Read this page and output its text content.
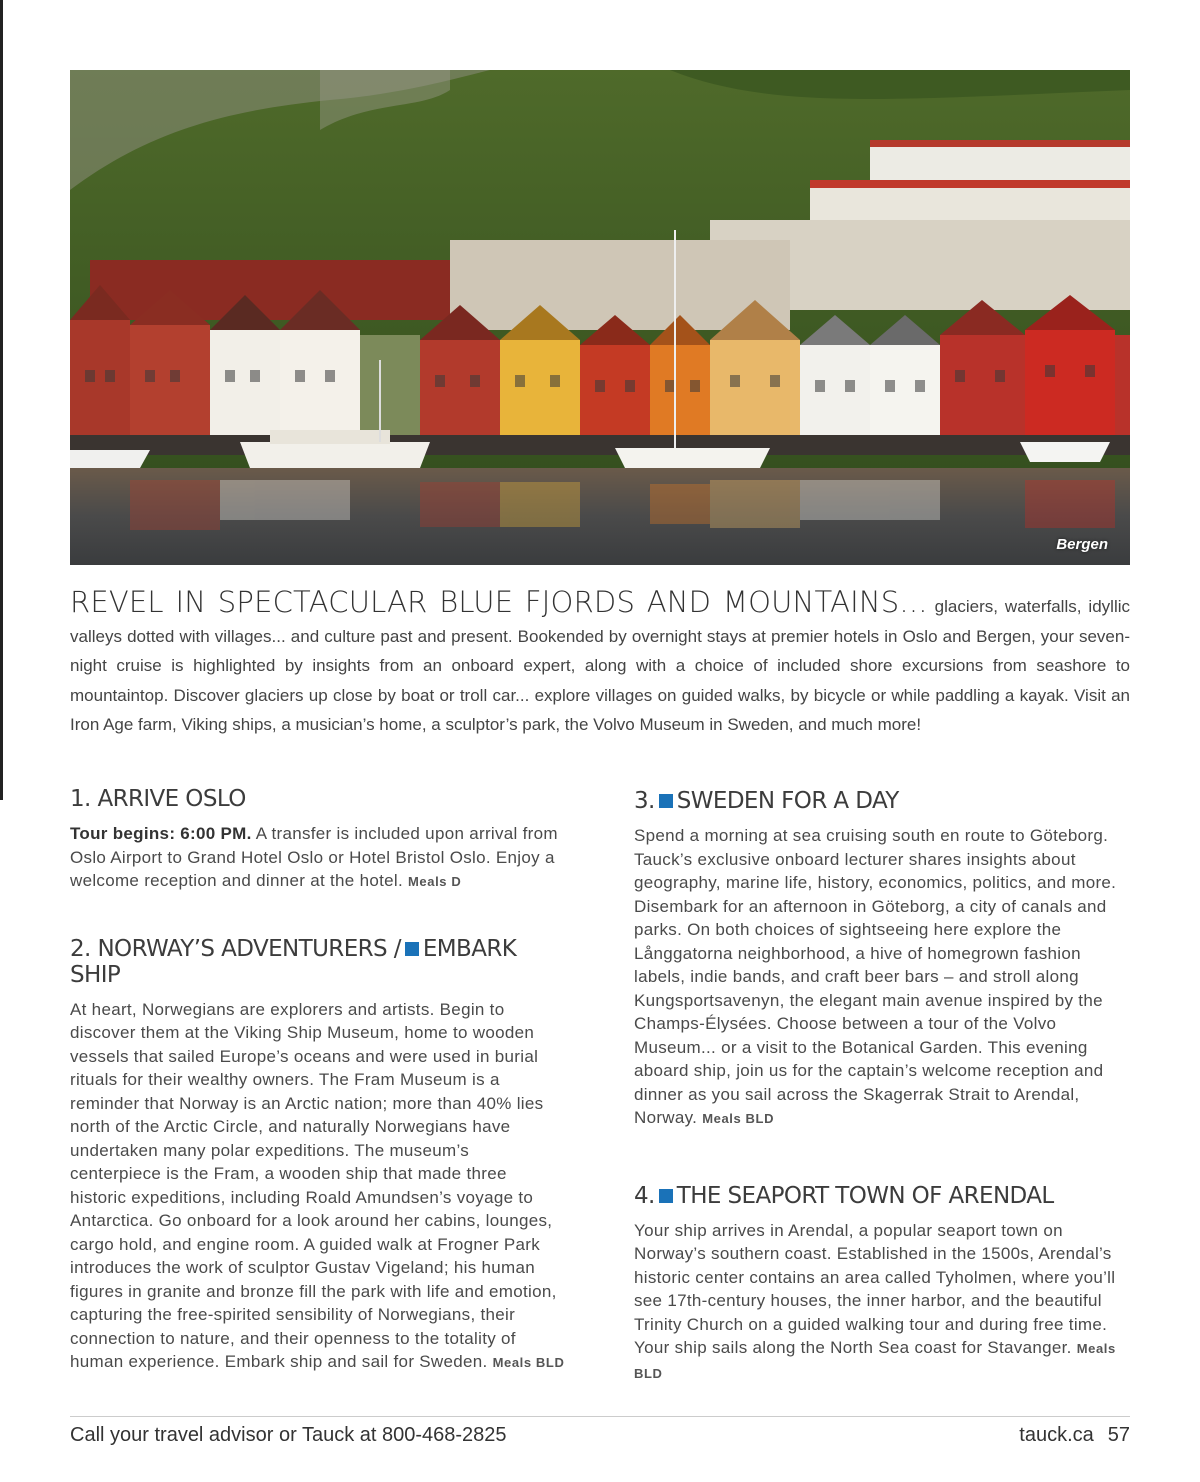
Bergen
REVEL IN SPECTACULAR BLUE FJORDS AND MOUNTAINS... glaciers, waterfalls, idyllic valleys dotted with villages... and culture past and present. Bookended by overnight stays at premier hotels in Oslo and Bergen, your seven-night cruise is highlighted by insights from an onboard expert, along with a choice of included shore excursions from seashore to mountaintop. Discover glaciers up close by boat or troll car... explore villages on guided walks, by bicycle or while paddling a kayak. Visit an Iron Age farm, Viking ships, a musician’s home, a sculptor’s park, the Volvo Museum in Sweden, and much more!
1. ARRIVE OSLO

Tour begins: 6:00 PM. A transfer is included upon arrival from Oslo Airport to Grand Hotel Oslo or Hotel Bristol Oslo. Enjoy a welcome reception and dinner at the hotel. Meals D

2. NORWAY’S ADVENTURERS / EMBARK SHIP

At heart, Norwegians are explorers and artists. Begin to discover them at the Viking Ship Museum, home to wooden vessels that sailed Europe’s oceans and were used in burial rituals for their wealthy owners. The Fram Museum is a reminder that Norway is an Arctic nation; more than 40% lies north of the Arctic Circle, and naturally Norwegians have undertaken many polar expeditions. The museum’s centerpiece is the Fram, a wooden ship that made three historic expeditions, including Roald Amundsen’s voyage to Antarctica. Go onboard for a look around her cabins, lounges, cargo hold, and engine room. A guided walk at Frogner Park introduces the work of sculptor Gustav Vigeland; his human figures in granite and bronze fill the park with life and emotion, capturing the free-spirited sensibility of Norwegians, their connection to nature, and their openness to the totality of human experience. Embark ship and sail for Sweden. Meals BLD

3. SWEDEN FOR A DAY

Spend a morning at sea cruising south en route to Göteborg. Tauck’s exclusive onboard lecturer shares insights about geography, marine life, history, economics, politics, and more. Disembark for an afternoon in Göteborg, a city of canals and parks. On both choices of sightseeing here explore the Långgatorna neighborhood, a hive of homegrown fashion labels, indie bands, and craft beer bars – and stroll along Kungsportsavenyn, the elegant main avenue inspired by the Champs-Élysées. Choose between a tour of the Volvo Museum... or a visit to the Botanical Garden. This evening aboard ship, join us for the captain’s welcome reception and dinner as you sail across the Skagerrak Strait to Arendal, Norway. Meals BLD

4. THE SEAPORT TOWN OF ARENDAL

Your ship arrives in Arendal, a popular seaport town on Norway’s southern coast. Established in the 1500s, Arendal’s historic center contains an area called Tyholmen, where you’ll see 17th-century houses, the inner harbor, and the beautiful Trinity Church on a guided walking tour and during free time. Your ship sails along the North Sea coast for Stavanger. Meals BLD

Call your travel advisor or Tauck at 800-468-2825	tauck.ca 57
